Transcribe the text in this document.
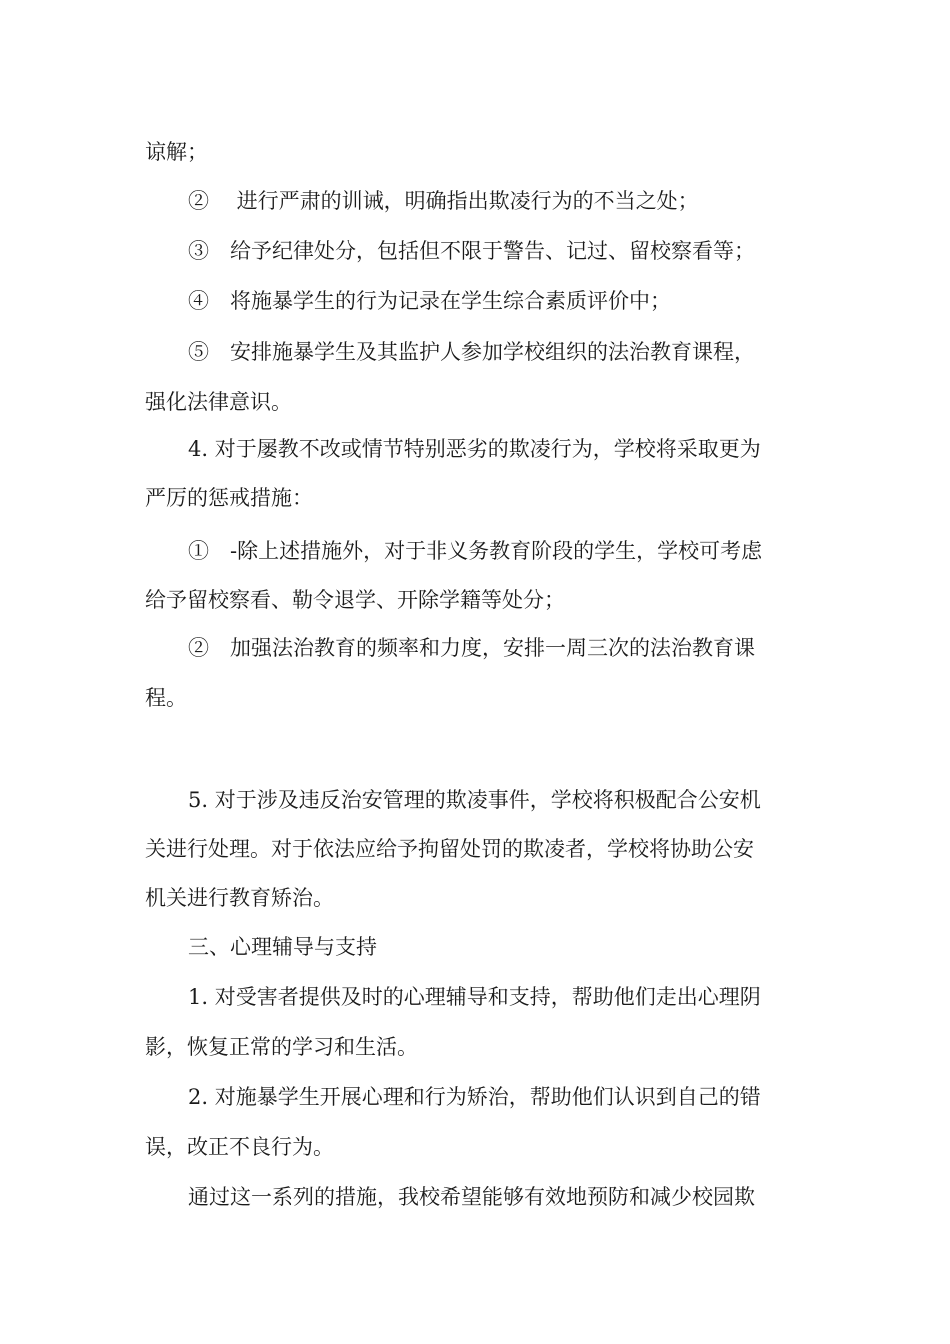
谅解；
②　 进行严肃的训诫，明确指出欺凌行为的不当之处；
③　给予纪律处分，包括但不限于警告、记过、留校察看等；
④　将施暴学生的行为记录在学生综合素质评价中；
⑤　安排施暴学生及其监护人参加学校组织的法治教育课程，
强化法律意识。
4. 对于屡教不改或情节特别恶劣的欺凌行为，学校将采取更为
严厉的惩戒措施：
①　-除上述措施外，对于非义务教育阶段的学生，学校可考虑
给予留校察看、勒令退学、开除学籍等处分；
②　加强法治教育的频率和力度，安排一周三次的法治教育课
程。
5. 对于涉及违反治安管理的欺凌事件，学校将积极配合公安机
关进行处理。对于依法应给予拘留处罚的欺凌者，学校将协助公安
机关进行教育矫治。
三、心理辅导与支持
1. 对受害者提供及时的心理辅导和支持，帮助他们走出心理阴
影，恢复正常的学习和生活。
2. 对施暴学生开展心理和行为矫治，帮助他们认识到自己的错
误，改正不良行为。
通过这一系列的措施，我校希望能够有效地预防和减少校园欺
